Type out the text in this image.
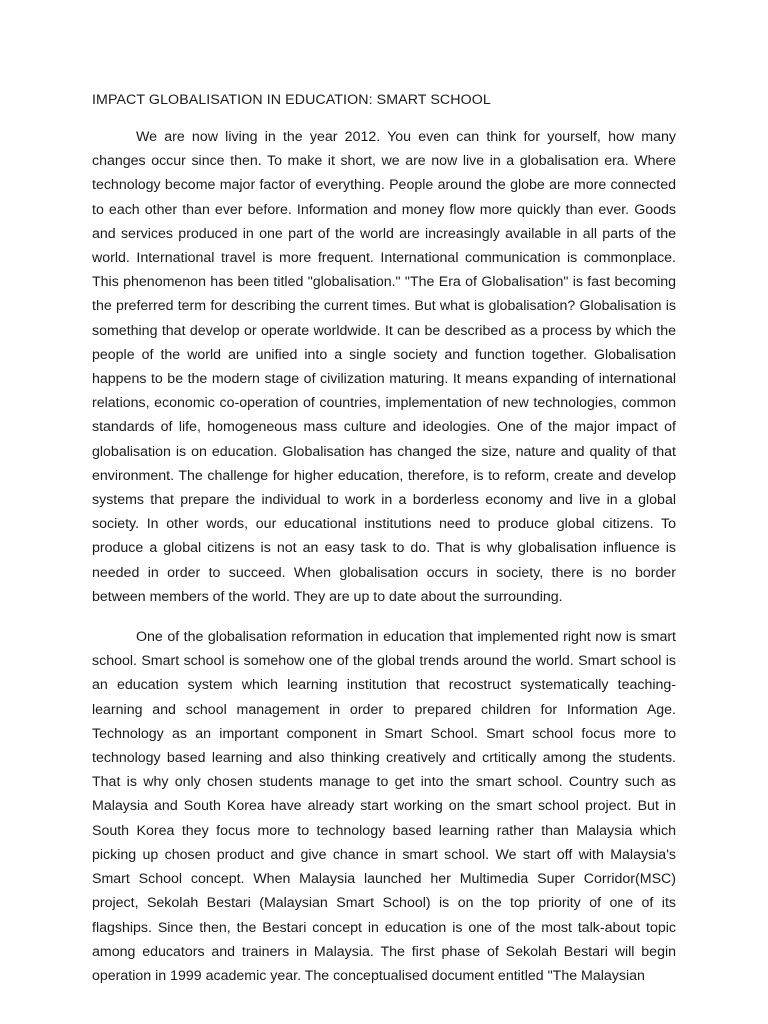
IMPACT GLOBALISATION IN EDUCATION: SMART SCHOOL

We are now living in the year 2012. You even can think for yourself, how many changes occur since then. To make it short, we are now live in a globalisation era. Where technology become major factor of everything. People around the globe are more connected to each other than ever before. Information and money flow more quickly than ever. Goods and services produced in one part of the world are increasingly available in all parts of the world. International travel is more frequent. International communication is commonplace. This phenomenon has been titled "globalisation." "The Era of Globalisation" is fast becoming the preferred term for describing the current times. But what is globalisation? Globalisation is something that develop or operate worldwide. It can be described as a process by which the people of the world are unified into a single society and function together. Globalisation happens to be the modern stage of civilization maturing. It means expanding of international relations, economic co-operation of countries, implementation of new technologies, common standards of life, homogeneous mass culture and ideologies. One of the major impact of globalisation is on education. Globalisation has changed the size, nature and quality of that environment. The challenge for higher education, therefore, is to reform, create and develop systems that prepare the individual to work in a borderless economy and live in a global society. In other words, our educational institutions need to produce global citizens. To produce a global citizens is not an easy task to do. That is why globalisation influence is needed in order to succeed. When globalisation occurs in society, there is no border between members of the world. They are up to date about the surrounding.

One of the globalisation reformation in education that implemented right now is smart school. Smart school is somehow one of the global trends around the world. Smart school is an education system which learning institution that recostruct systematically teaching-learning and school management in order to prepared children for Information Age. Technology as an important component in Smart School. Smart school focus more to technology based learning and also thinking creatively and crtitically among the students. That is why only chosen students manage to get into the smart school. Country such as Malaysia and South Korea have already start working on the smart school project. But in South Korea they focus more to technology based learning rather than Malaysia which picking up chosen product and give chance in smart school. We start off with Malaysia's Smart School concept. When Malaysia launched her Multimedia Super Corridor(MSC) project, Sekolah Bestari (Malaysian Smart School) is on the top priority of one of its flagships. Since then, the Bestari concept in education is one of the most talk-about topic among educators and trainers in Malaysia. The first phase of Sekolah Bestari will begin operation in 1999 academic year. The conceptualised document entitled "The Malaysian
